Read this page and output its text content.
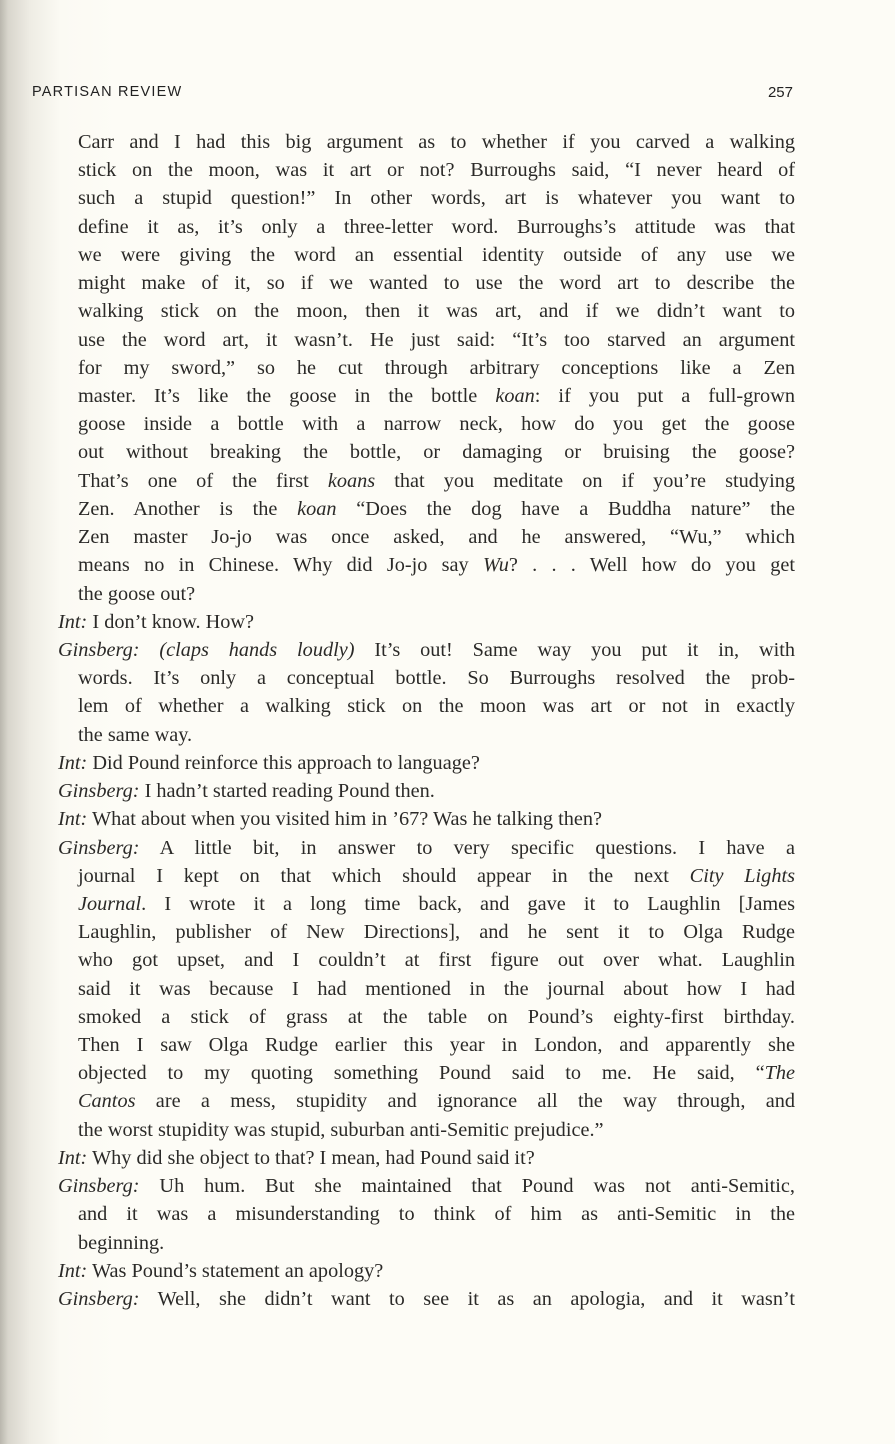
PARTISAN REVIEW	257
Carr and I had this big argument as to whether if you carved a walking
stick on the moon, was it art or not? Burroughs said, “I never heard of
such a stupid question!” In other words, art is whatever you want to
define it as, it’s only a three-letter word. Burroughs’s attitude was that
we were giving the word an essential identity outside of any use we
might make of it, so if we wanted to use the word art to describe the
walking stick on the moon, then it was art, and if we didn’t want to
use the word art, it wasn’t. He just said: “It’s too starved an argument
for my sword,” so he cut through arbitrary conceptions like a Zen
master. It’s like the goose in the bottle koan: if you put a full-grown
goose inside a bottle with a narrow neck, how do you get the goose
out without breaking the bottle, or damaging or bruising the goose?
That’s one of the first koans that you meditate on if you’re studying
Zen. Another is the koan “Does the dog have a Buddha nature” the
Zen master Jo-jo was once asked, and he answered, “Wu,” which
means no in Chinese. Why did Jo-jo say Wu? . . . Well how do you get
the goose out?
Int: I don’t know. How?
Ginsberg: (claps hands loudly) It’s out! Same way you put it in, with
words. It’s only a conceptual bottle. So Burroughs resolved the prob-
lem of whether a walking stick on the moon was art or not in exactly
the same way.
Int: Did Pound reinforce this approach to language?
Ginsberg: I hadn’t started reading Pound then.
Int: What about when you visited him in ’67? Was he talking then?
Ginsberg: A little bit, in answer to very specific questions. I have a
journal I kept on that which should appear in the next City Lights
Journal. I wrote it a long time back, and gave it to Laughlin [James
Laughlin, publisher of New Directions], and he sent it to Olga Rudge
who got upset, and I couldn’t at first figure out over what. Laughlin
said it was because I had mentioned in the journal about how I had
smoked a stick of grass at the table on Pound’s eighty-first birthday.
Then I saw Olga Rudge earlier this year in London, and apparently she
objected to my quoting something Pound said to me. He said, “The
Cantos are a mess, stupidity and ignorance all the way through, and
the worst stupidity was stupid, suburban anti-Semitic prejudice.”
Int: Why did she object to that? I mean, had Pound said it?
Ginsberg: Uh hum. But she maintained that Pound was not anti-Semitic,
and it was a misunderstanding to think of him as anti-Semitic in the
beginning.
Int: Was Pound’s statement an apology?
Ginsberg: Well, she didn’t want to see it as an apologia, and it wasn’t
